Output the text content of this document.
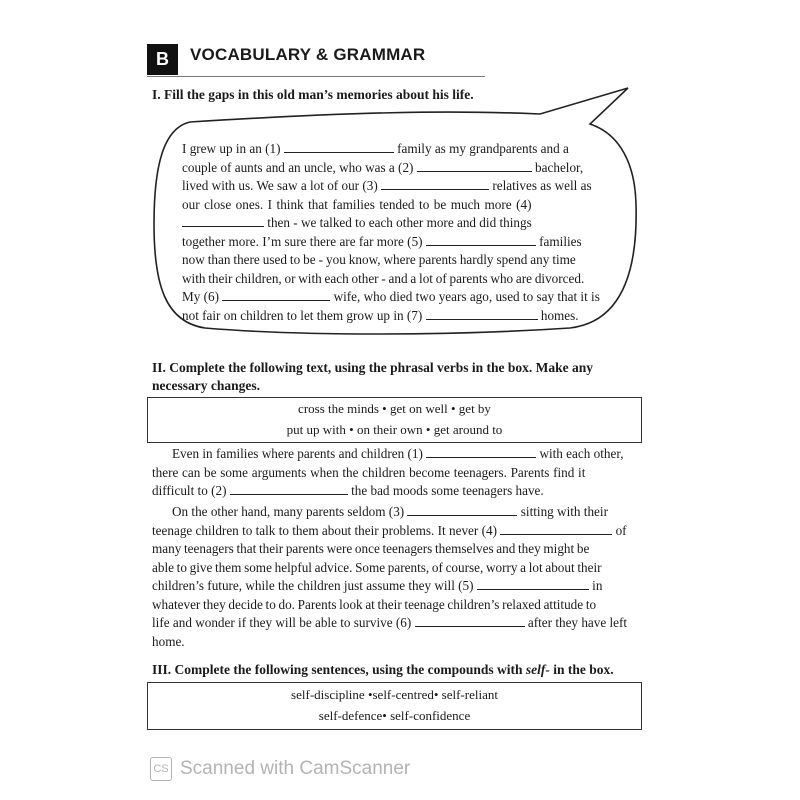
B VOCABULARY & GRAMMAR
I. Fill the gaps in this old man’s memories about his life.
I grew up in an (1)	family as my grandparents and a
couple of aunts and an uncle, who was a (2)	bachelor,
lived with us. We saw a lot of our (3)	relatives as well as
our close ones. I think that families tended to be much more (4)
then - we talked to each other more and did things
together more. I’m sure there are far more (5)	families
now than there used to be - you know, where parents hardly spend any time
with their children, or with each other - and a lot of parents who are divorced.
My (6)	wife, who died two years ago, used to say that it is
not fair on children to let them grow up in (7)	homes.
II. Complete the following text, using the phrasal verbs in the box. Make any
necessary changes.
cross the minds • get on well • get by
put up with • on their own • get around to
Even in families where parents and children (1)	with each other,
there can be some arguments when the children become teenagers. Parents find it
difficult to (2)	the bad moods some teenagers have.
On the other hand, many parents seldom (3)	sitting with their
teenage children to talk to them about their problems. It never (4)	of
many teenagers that their parents were once teenagers themselves and they might be
able to give them some helpful advice. Some parents, of course, worry a lot about their
children’s future, while the children just assume they will (5)	in
whatever they decide to do. Parents look at their teenage children’s relaxed attitude to
life and wonder if they will be able to survive (6)	after they have left
home.
III. Complete the following sentences, using the compounds with self- in the box.
self-discipline •self-centred• self-reliant
self-defence• self-confidence
CS Scanned with CamScanner
